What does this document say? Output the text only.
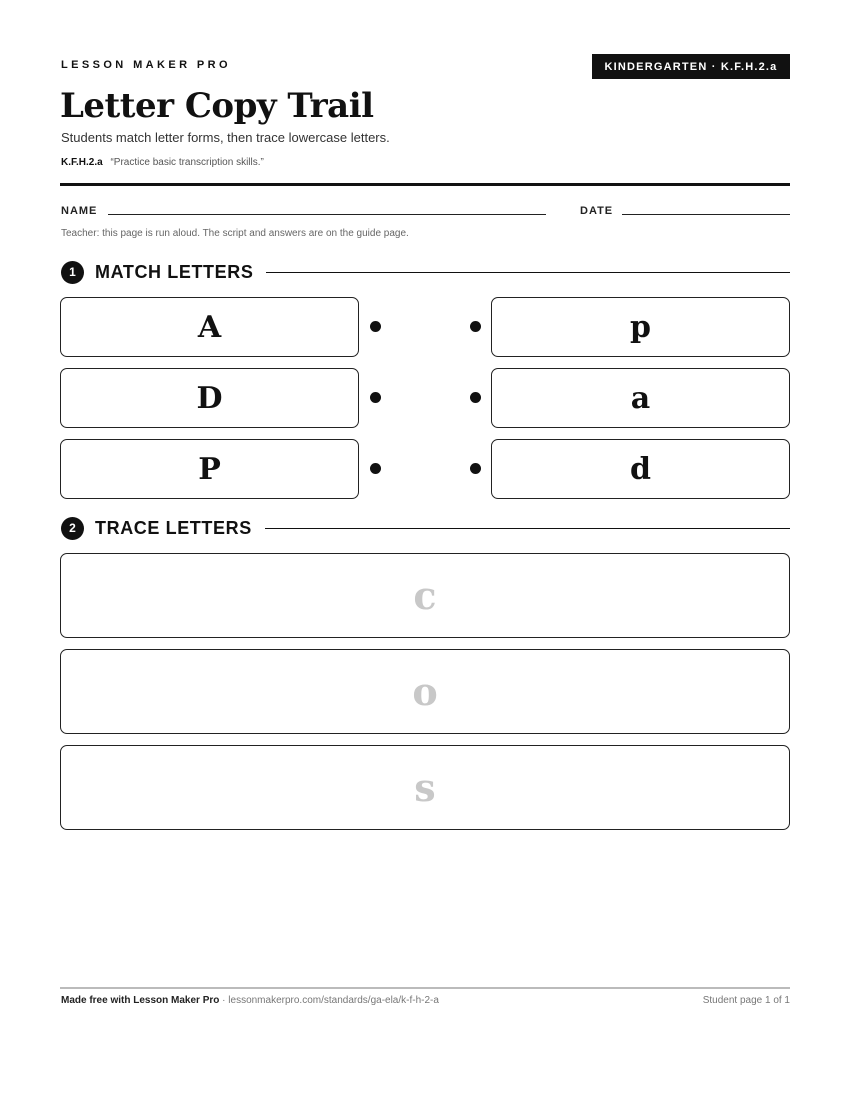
LESSON MAKER PRO	KINDERGARTEN · K.F.H.2.a
Letter Copy Trail
Students match letter forms, then trace lowercase letters.
K.F.H.2.a “Practice basic transcription skills.”
NAME	DATE
Teacher: this page is run aloud. The script and answers are on the guide page.
1	MATCH LETTERS
A	p
D	a
P	d
2	TRACE LETTERS
c
o
s
Made free with Lesson Maker Pro · lessonmakerpro.com/standards/ga-ela/k-f-h-2-a	Student page 1 of 1
